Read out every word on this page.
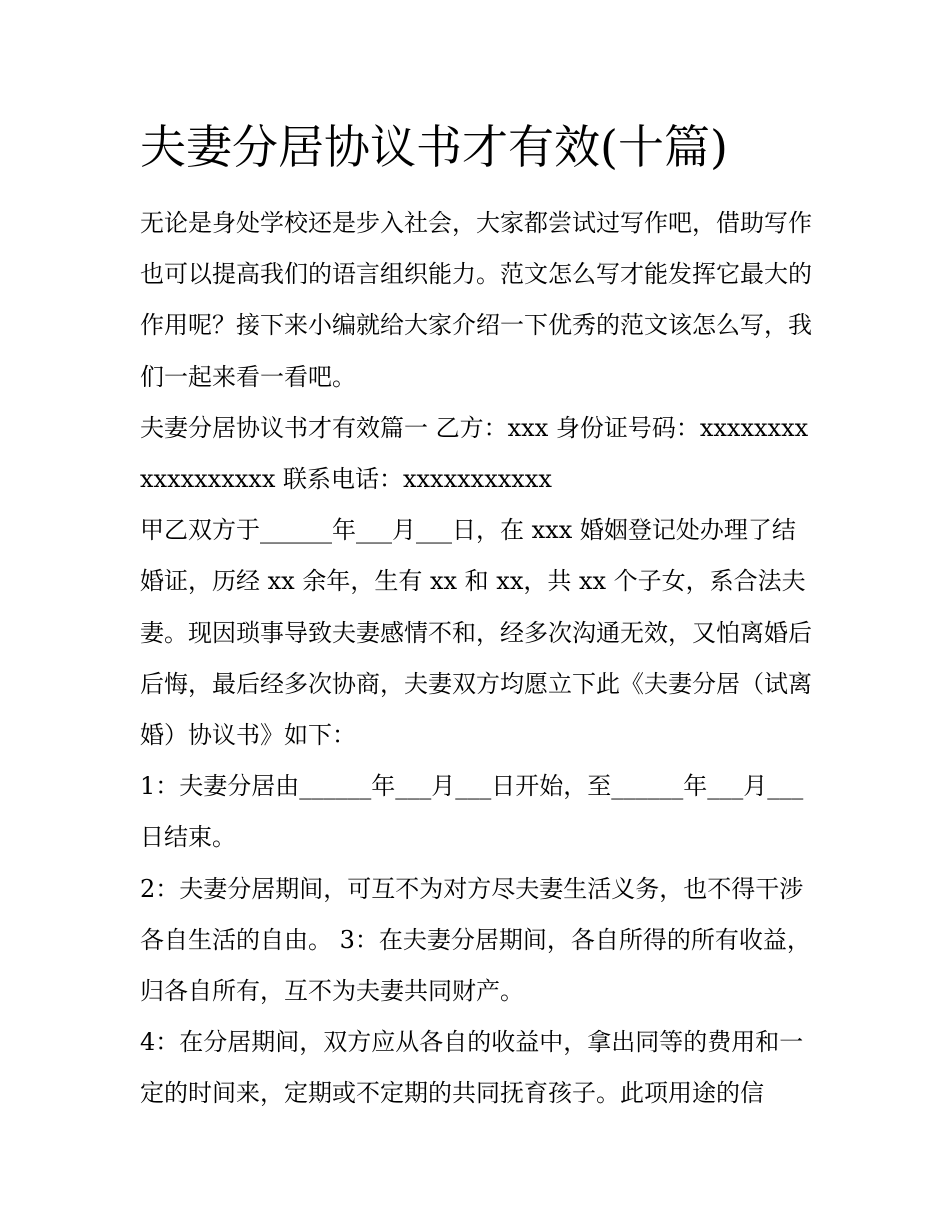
夫妻分居协议书才有效(十篇)

无论是身处学校还是步入社会，大家都尝试过写作吧，借助写作也可以提高我们的语言组织能力。范文怎么写才能发挥它最大的作用呢？接下来小编就给大家介绍一下优秀的范文该怎么写，我们一起来看一看吧。

夫妻分居协议书才有效篇一 乙方：xxx 身份证号码：xxxxxxxxxxxxxxxxxx 联系电话：xxxxxxxxxxx

甲乙双方于______年___月___日，在 xxx 婚姻登记处办理了结婚证，历经 xx 余年，生有 xx 和 xx，共 xx 个子女，系合法夫妻。现因琐事导致夫妻感情不和，经多次沟通无效，又怕离婚后后悔，最后经多次协商，夫妻双方均愿立下此《夫妻分居（试离婚）协议书》如下：

1：夫妻分居由______年___月___日开始，至______年___月___日结束。

2：夫妻分居期间，可互不为对方尽夫妻生活义务，也不得干涉各自生活的自由。 3：在夫妻分居期间，各自所得的所有收益，归各自所有，互不为夫妻共同财产。

4：在分居期间，双方应从各自的收益中，拿出同等的费用和一定的时间来，定期或不定期的共同抚育孩子。此项用途的信
